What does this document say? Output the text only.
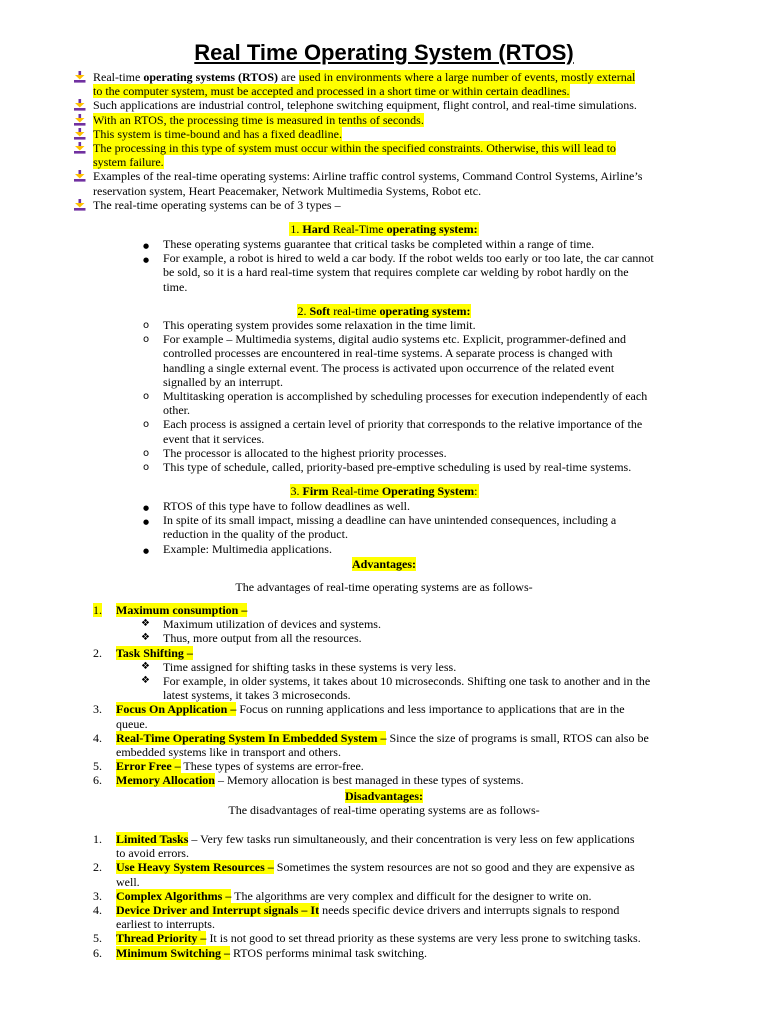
Real Time Operating System (RTOS)
Real-time operating systems (RTOS) are used in environments where a large number of events, mostly external
to the computer system, must be accepted and processed in a short time or within certain deadlines.
Such applications are industrial control, telephone switching equipment, flight control, and real-time simulations.
With an RTOS, the processing time is measured in tenths of seconds.
This system is time-bound and has a fixed deadline.
The processing in this type of system must occur within the specified constraints. Otherwise, this will lead to
system failure.
Examples of the real-time operating systems: Airline traffic control systems, Command Control Systems, Airline’s
reservation system, Heart Peacemaker, Network Multimedia Systems, Robot etc.
The real-time operating systems can be of 3 types –
1. Hard Real-Time operating system:
● These operating systems guarantee that critical tasks be completed within a range of time.
● For example, a robot is hired to weld a car body. If the robot welds too early or too late, the car cannot
be sold, so it is a hard real-time system that requires complete car welding by robot hardly on the
time.
2. Soft real-time operating system:
o This operating system provides some relaxation in the time limit.
o For example – Multimedia systems, digital audio systems etc. Explicit, programmer-defined and
controlled processes are encountered in real-time systems. A separate process is changed with
handling a single external event. The process is activated upon occurrence of the related event
signalled by an interrupt.
o Multitasking operation is accomplished by scheduling processes for execution independently of each
other.
o Each process is assigned a certain level of priority that corresponds to the relative importance of the
event that it services.
o The processor is allocated to the highest priority processes.
o This type of schedule, called, priority-based pre-emptive scheduling is used by real-time systems.
3. Firm Real-time Operating System:
● RTOS of this type have to follow deadlines as well.
● In spite of its small impact, missing a deadline can have unintended consequences, including a
reduction in the quality of the product.
● Example: Multimedia applications.
Advantages:
The advantages of real-time operating systems are as follows-
1. Maximum consumption –
❖ Maximum utilization of devices and systems.
❖ Thus, more output from all the resources.
2. Task Shifting –
❖ Time assigned for shifting tasks in these systems is very less.
❖ For example, in older systems, it takes about 10 microseconds. Shifting one task to another and in the
latest systems, it takes 3 microseconds.
3. Focus On Application – Focus on running applications and less importance to applications that are in the
queue.
4. Real-Time Operating System In Embedded System – Since the size of programs is small, RTOS can also be
embedded systems like in transport and others.
5. Error Free – These types of systems are error-free.
6. Memory Allocation – Memory allocation is best managed in these types of systems.
Disadvantages:
The disadvantages of real-time operating systems are as follows-
1. Limited Tasks – Very few tasks run simultaneously, and their concentration is very less on few applications
to avoid errors.
2. Use Heavy System Resources – Sometimes the system resources are not so good and they are expensive as
well.
3. Complex Algorithms – The algorithms are very complex and difficult for the designer to write on.
4. Device Driver and Interrupt signals – It needs specific device drivers and interrupts signals to respond
earliest to interrupts.
5. Thread Priority – It is not good to set thread priority as these systems are very less prone to switching tasks.
6. Minimum Switching – RTOS performs minimal task switching.
